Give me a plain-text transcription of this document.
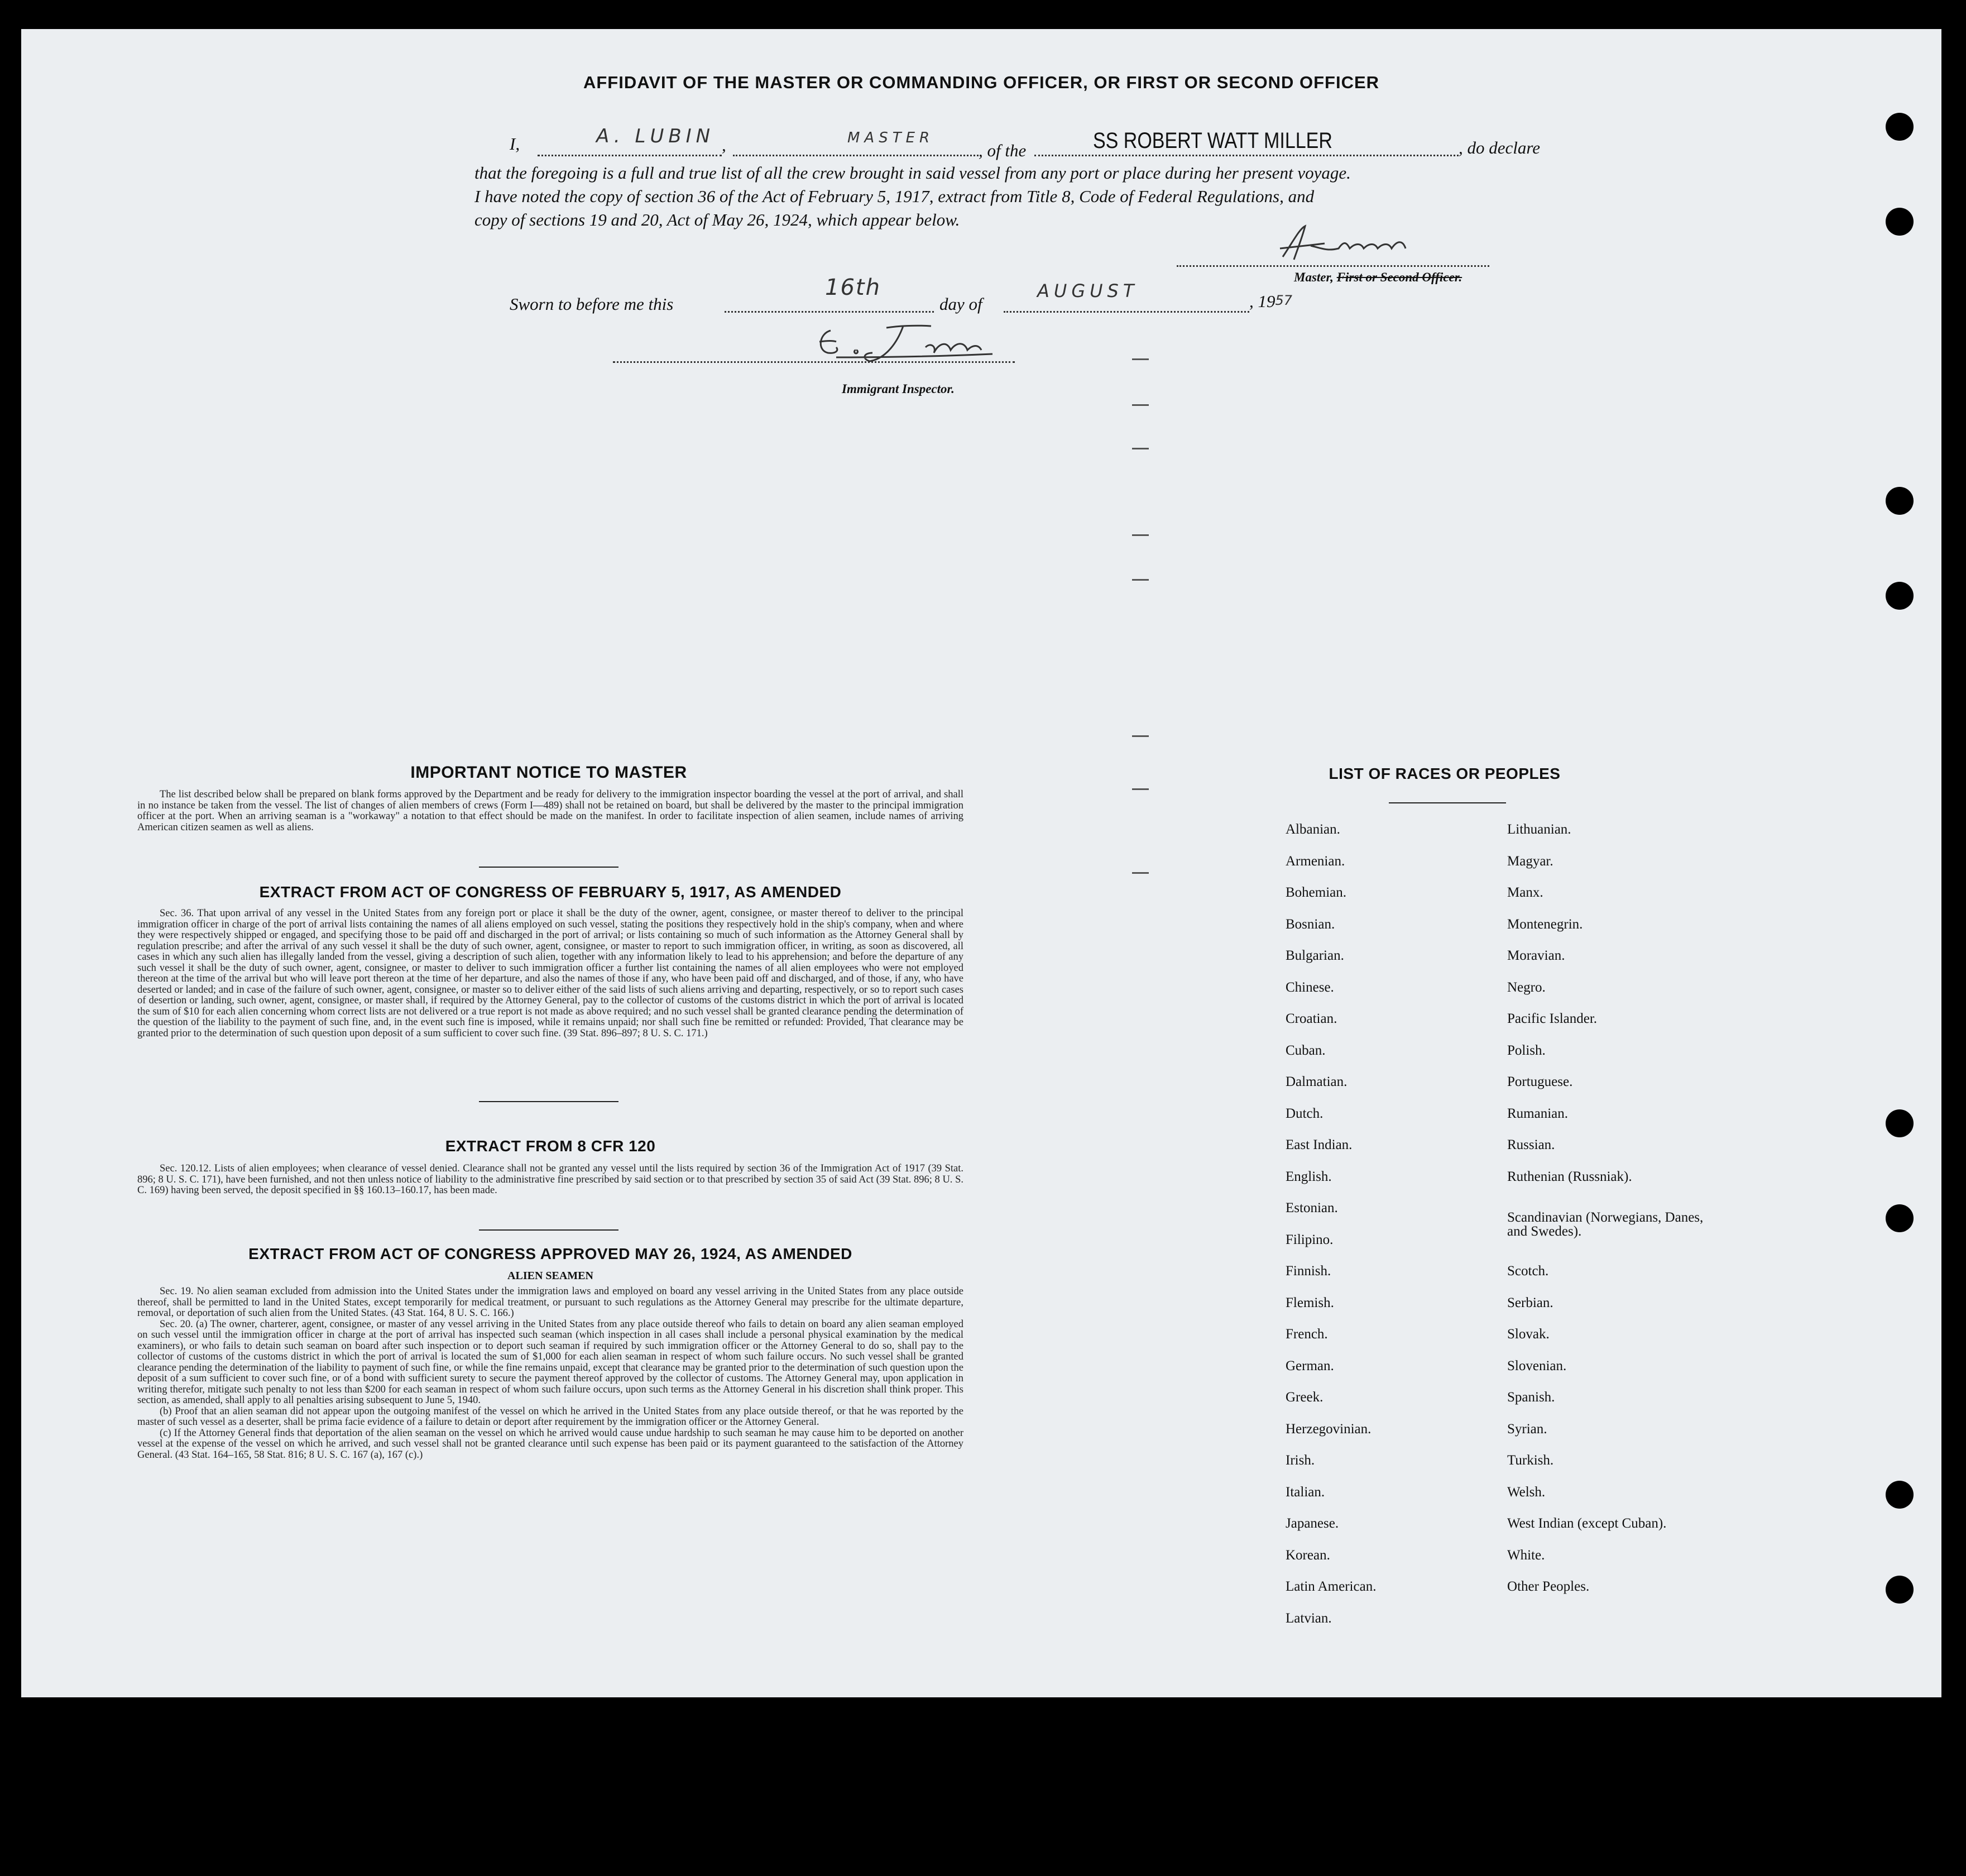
AFFIDAVIT OF THE MASTER OR COMMANDING OFFICER, OR FIRST OR SECOND OFFICER
I,	A. LUBIN ,	MASTER
, of the	SS ROBERT WATT MILLER	, do declare
that the foregoing is a full and true list of all the crew brought in said vessel from any port or place during her present voyage.
I have noted the copy of section 36 of the Act of February 5, 1917, extract from Title 8, Code of Federal Regulations, and
copy of sections 19 and 20, Act of May 26, 1924, which appear below.
Master, First or Second Officer.
Sworn to before me this
16th
day of
AUGUST	, 1957
Immigrant Inspector.
IMPORTANT NOTICE TO MASTER
The list described below shall be prepared on blank forms approved by the Department and be ready for delivery to the immigration inspector boarding the vessel at the port of arrival, and shall in no instance be taken from the vessel. The list of changes of alien members of crews (Form I—489) shall not be retained on board, but shall be delivered by the master to the principal immigration officer at the port. When an arriving seaman is a "workaway" a notation to that effect should be made on the manifest. In order to facilitate inspection of alien seamen, include names of arriving American citizen seamen as well as aliens.
EXTRACT FROM ACT OF CONGRESS OF FEBRUARY 5, 1917, AS AMENDED
Sec. 36. That upon arrival of any vessel in the United States from any foreign port or place it shall be the duty of the owner, agent, consignee, or master thereof to deliver to the principal immigration officer in charge of the port of arrival lists containing the names of all aliens employed on such vessel, stating the positions they respectively hold in the ship's company, when and where they were respectively shipped or engaged, and specifying those to be paid off and discharged in the port of arrival; or lists containing so much of such information as the Attorney General shall by regulation prescribe; and after the arrival of any such vessel it shall be the duty of such owner, agent, consignee, or master to report to such immigration officer, in writing, as soon as discovered, all cases in which any such alien has illegally landed from the vessel, giving a description of such alien, together with any information likely to lead to his apprehension; and before the departure of any such vessel it shall be the duty of such owner, agent, consignee, or master to deliver to such immigration officer a further list containing the names of all alien employees who were not employed thereon at the time of the arrival but who will leave port thereon at the time of her departure, and also the names of those if any, who have been paid off and discharged, and of those, if any, who have deserted or landed; and in case of the failure of such owner, agent, consignee, or master so to deliver either of the said lists of such aliens arriving and departing, respectively, or so to report such cases of desertion or landing, such owner, agent, consignee, or master shall, if required by the Attorney General, pay to the collector of customs of the customs district in which the port of arrival is located the sum of $10 for each alien concerning whom correct lists are not delivered or a true report is not made as above required; and no such vessel shall be granted clearance pending the determination of the question of the liability to the payment of such fine, and, in the event such fine is imposed, while it remains unpaid; nor shall such fine be remitted or refunded: Provided, That clearance may be granted prior to the determination of such question upon deposit of a sum sufficient to cover such fine. (39 Stat. 896–897; 8 U. S. C. 171.)
EXTRACT FROM 8 CFR 120
Sec. 120.12. Lists of alien employees; when clearance of vessel denied. Clearance shall not be granted any vessel until the lists required by section 36 of the Immigration Act of 1917 (39 Stat. 896; 8 U. S. C. 171), have been furnished, and not then unless notice of liability to the administrative fine prescribed by said section or to that prescribed by section 35 of said Act (39 Stat. 896; 8 U. S. C. 169) having been served, the deposit specified in §§ 160.13–160.17, has been made.
EXTRACT FROM ACT OF CONGRESS APPROVED MAY 26, 1924, AS AMENDED
ALIEN SEAMEN
Sec. 19. No alien seaman excluded from admission into the United States under the immigration laws and employed on board any vessel arriving in the United States from any place outside thereof, shall be permitted to land in the United States, except temporarily for medical treatment, or pursuant to such regulations as the Attorney General may prescribe for the ultimate departure, removal, or deportation of such alien from the United States. (43 Stat. 164, 8 U. S. C. 166.)
Sec. 20. (a) The owner, charterer, agent, consignee, or master of any vessel arriving in the United States from any place outside thereof who fails to detain on board any alien seaman employed on such vessel until the immigration officer in charge at the port of arrival has inspected such seaman (which inspection in all cases shall include a personal physical examination by the medical examiners), or who fails to detain such seaman on board after such inspection or to deport such seaman if required by such immigration officer or the Attorney General to do so, shall pay to the collector of customs of the customs district in which the port of arrival is located the sum of $1,000 for each alien seaman in respect of whom such failure occurs. No such vessel shall be granted clearance pending the determination of the liability to payment of such fine, or while the fine remains unpaid, except that clearance may be granted prior to the determination of such question upon the deposit of a sum sufficient to cover such fine, or of a bond with sufficient surety to secure the payment thereof approved by the collector of customs. The Attorney General may, upon application in writing therefor, mitigate such penalty to not less than $200 for each seaman in respect of whom such failure occurs, upon such terms as the Attorney General in his discretion shall think proper. This section, as amended, shall apply to all penalties arising subsequent to June 5, 1940.
(b) Proof that an alien seaman did not appear upon the outgoing manifest of the vessel on which he arrived in the United States from any place outside thereof, or that he was reported by the master of such vessel as a deserter, shall be prima facie evidence of a failure to detain or deport after requirement by the immigration officer or the Attorney General.
(c) If the Attorney General finds that deportation of the alien seaman on the vessel on which he arrived would cause undue hardship to such seaman he may cause him to be deported on another vessel at the expense of the vessel on which he arrived, and such vessel shall not be granted clearance until such expense has been paid or its payment guaranteed to the satisfaction of the Attorney General. (43 Stat. 164–165, 58 Stat. 816; 8 U. S. C. 167 (a), 167 (c).)
LIST OF RACES OR PEOPLES
Albanian.
Armenian.
Bohemian.
Bosnian.
Bulgarian.
Chinese.
Croatian.
Cuban.
Dalmatian.
Dutch.
East Indian.
English.
Estonian.
Filipino.
Finnish.
Flemish.
French.
German.
Greek.
Herzegovinian.
Irish.
Italian.
Japanese.
Korean.
Latin American.
Latvian.
Lithuanian.
Magyar.
Manx.
Montenegrin.
Moravian.
Negro.
Pacific Islander.
Polish.
Portuguese.
Rumanian.
Russian.
Ruthenian (Russniak).
Scandinavian (Norwegians, Danes, and Swedes).
Scotch.
Serbian.
Slovak.
Slovenian.
Spanish.
Syrian.
Turkish.
Welsh.
West Indian (except Cuban).
White.
Other Peoples.
